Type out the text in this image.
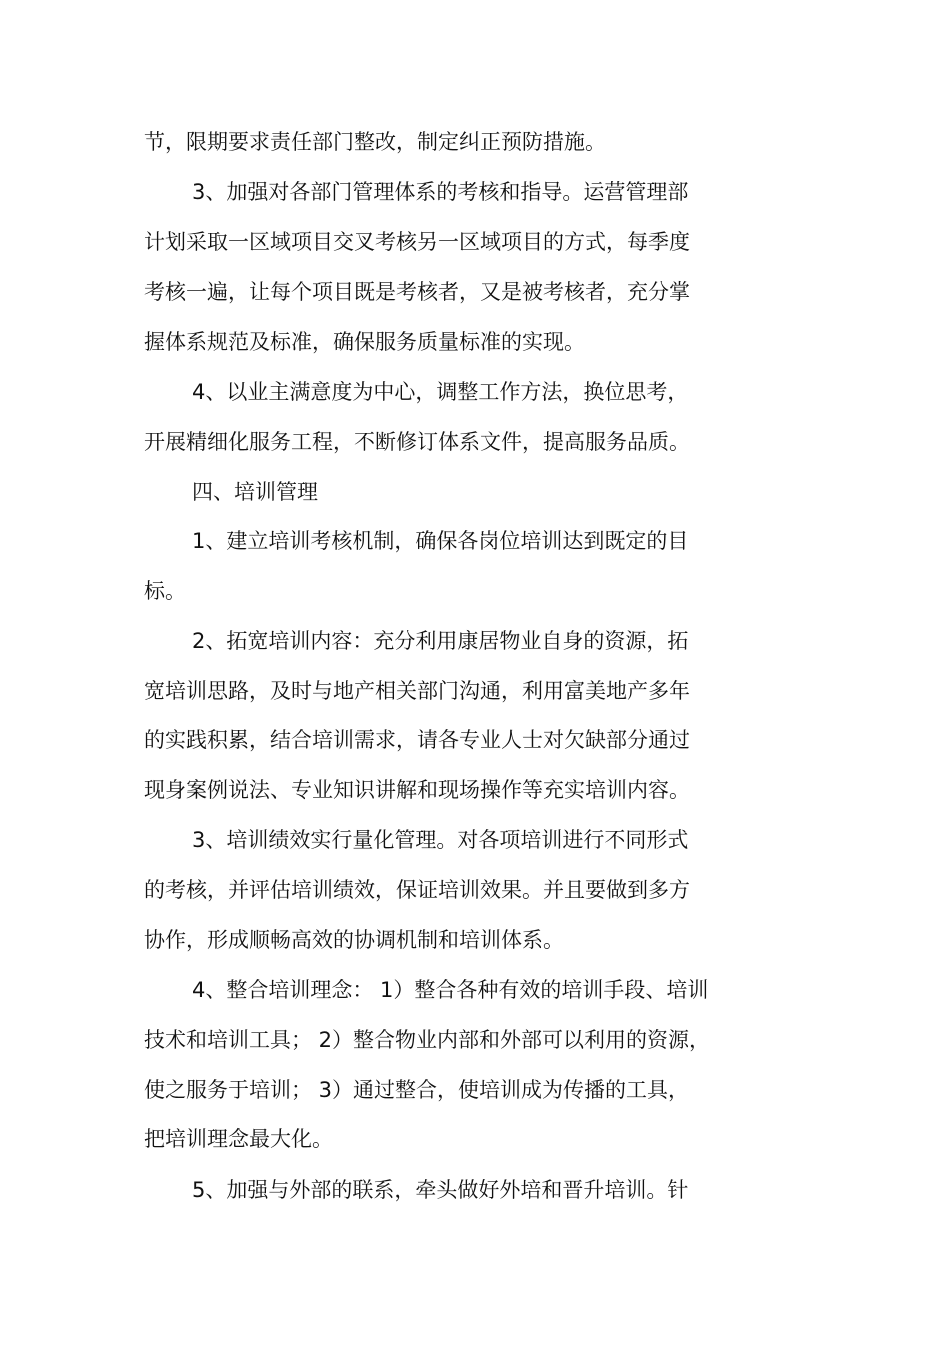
节，限期要求责任部门整改，制定纠正预防措施。
3、加强对各部门管理体系的考核和指导。运营管理部
计划采取一区域项目交叉考核另一区域项目的方式，每季度
考核一遍，让每个项目既是考核者，又是被考核者，充分掌
握体系规范及标准，确保服务质量标准的实现。
4、以业主满意度为中心，调整工作方法，换位思考，
开展精细化服务工程，不断修订体系文件，提高服务品质。
四、培训管理
1、建立培训考核机制，确保各岗位培训达到既定的目
标。
2、拓宽培训内容：充分利用康居物业自身的资源，拓
宽培训思路，及时与地产相关部门沟通，利用富美地产多年
的实践积累，结合培训需求，请各专业人士对欠缺部分通过
现身案例说法、专业知识讲解和现场操作等充实培训内容。
3、培训绩效实行量化管理。对各项培训进行不同形式
的考核，并评估培训绩效，保证培训效果。并且要做到多方
协作，形成顺畅高效的协调机制和培训体系。
4、整合培训理念： 1）整合各种有效的培训手段、培训
技术和培训工具； 2）整合物业内部和外部可以利用的资源，
使之服务于培训； 3）通过整合，使培训成为传播的工具，
把培训理念最大化。
5、加强与外部的联系，牵头做好外培和晋升培训。针
